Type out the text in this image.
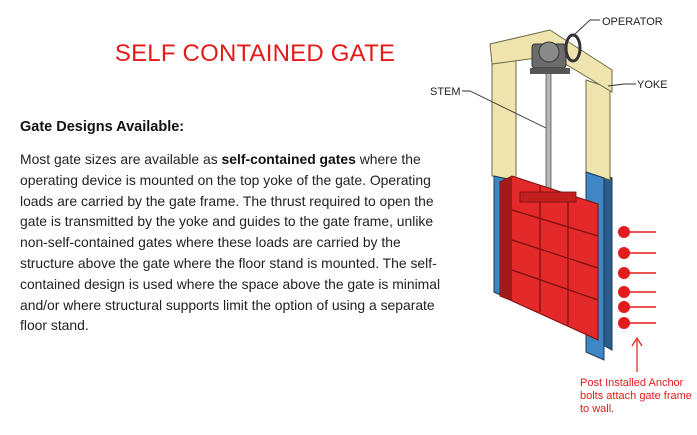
SELF CONTAINED GATE
Gate Designs Available:
Most gate sizes are available as self-contained gates where the operating device is mounted on the top yoke of the gate. Operating loads are carried by the gate frame. The thrust required to open the gate is transmitted by the yoke and guides to the gate frame, unlike non-self-contained gates where these loads are carried by the structure above the gate where the floor stand is mounted. The self-contained design is used where the space above the gate is minimal and/or where structural supports limit the option of using a separate floor stand.
OPERATOR
YOKE
STEM
Post Installed Anchor bolts attach gate frame to wall.
